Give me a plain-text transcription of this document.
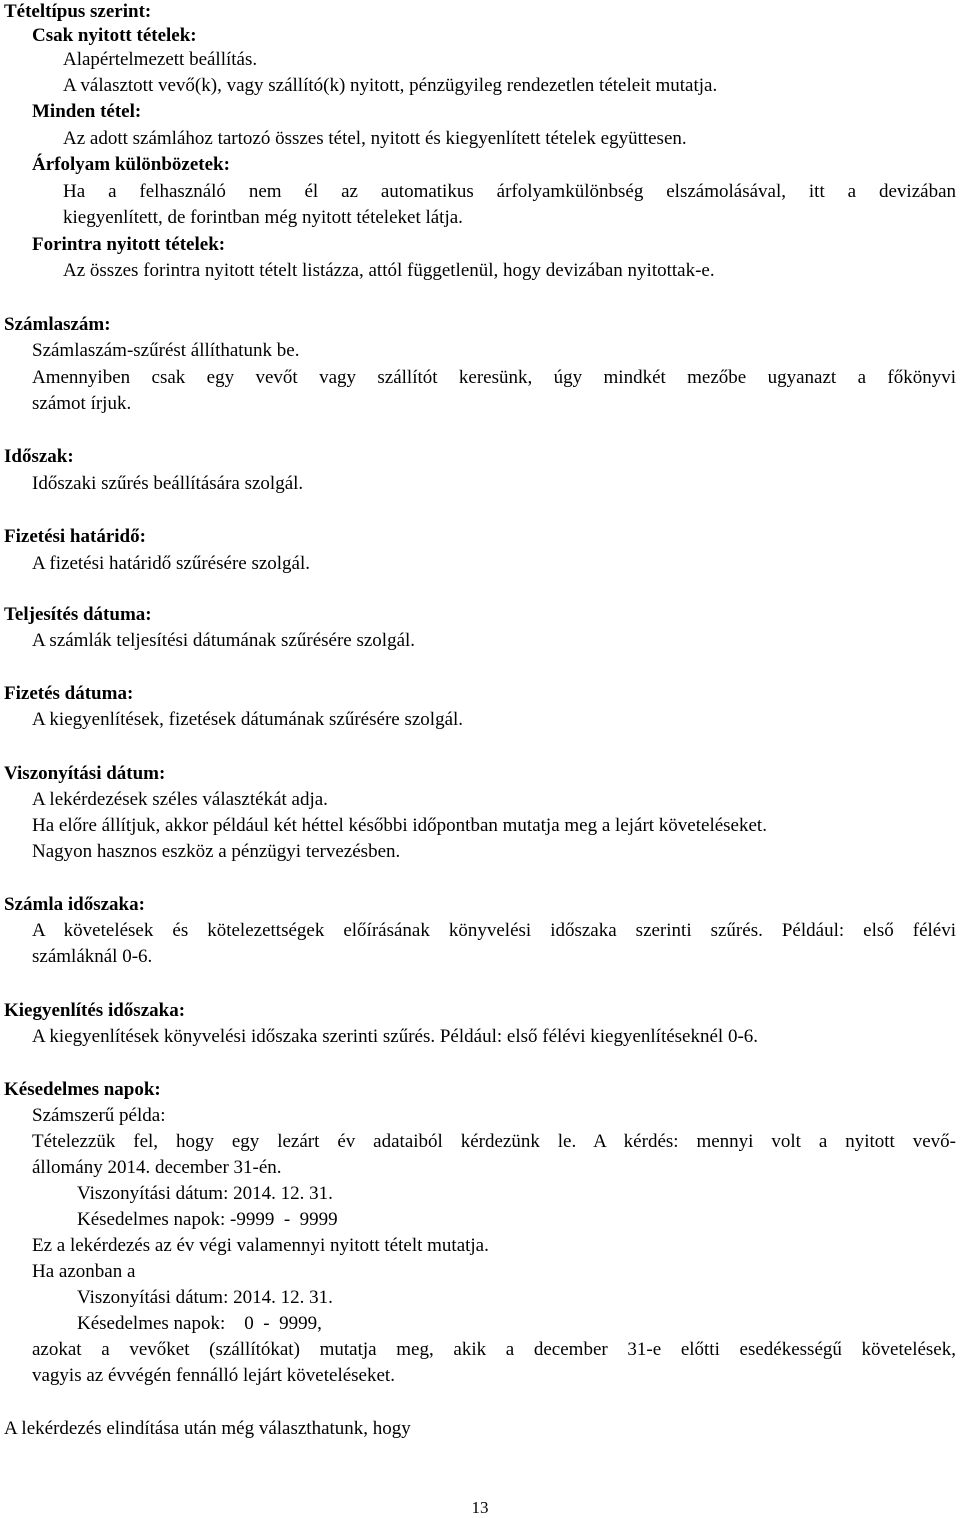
Tételtípus szerint:
Csak nyitott tételek:
Alapértelmezett beállítás.
A választott vevő(k), vagy szállító(k) nyitott, pénzügyileg rendezetlen tételeit mutatja.
Minden tétel:
Az adott számlához tartozó összes tétel, nyitott és kiegyenlített tételek együttesen.
Árfolyam különbözetek:
Ha a felhasználó nem él az automatikus árfolyamkülönbség elszámolásával, itt a devizában
kiegyenlített, de forintban még nyitott tételeket látja.
Forintra nyitott tételek:
Az összes forintra nyitott tételt listázza, attól függetlenül, hogy devizában nyitottak-e.
Számlaszám:
Számlaszám-szűrést állíthatunk be.
Amennyiben csak egy vevőt vagy szállítót keresünk, úgy mindkét mezőbe ugyanazt a főkönyvi
számot írjuk.
Időszak:
Időszaki szűrés beállítására szolgál.
Fizetési határidő:
A fizetési határidő szűrésére szolgál.
Teljesítés dátuma:
A számlák teljesítési dátumának szűrésére szolgál.
Fizetés dátuma:
A kiegyenlítések, fizetések dátumának szűrésére szolgál.
Viszonyítási dátum:
A lekérdezések széles választékát adja.
Ha előre állítjuk, akkor például két héttel későbbi időpontban mutatja meg a lejárt követeléseket.
Nagyon hasznos eszköz a pénzügyi tervezésben.
Számla időszaka:
A követelések és kötelezettségek előírásának könyvelési időszaka szerinti szűrés. Például: első félévi
számláknál 0-6.
Kiegyenlítés időszaka:
A kiegyenlítések könyvelési időszaka szerinti szűrés. Például: első félévi kiegyenlítéseknél 0-6.
Késedelmes napok:
Számszerű példa:
Tételezzük fel, hogy egy lezárt év adataiból kérdezünk le. A kérdés: mennyi volt a nyitott vevő-
állomány 2014. december 31-én.
Viszonyítási dátum: 2014. 12. 31.
Késedelmes napok: -9999  -  9999
Ez a lekérdezés az év végi valamennyi nyitott tételt mutatja.
Ha azonban a
Viszonyítási dátum: 2014. 12. 31.
Késedelmes napok:    0  -  9999,
azokat a vevőket (szállítókat) mutatja meg, akik a december 31-e előtti esedékességű követelések,
vagyis az évvégén fennálló lejárt követeléseket.
A lekérdezés elindítása után még választhatunk, hogy
13
